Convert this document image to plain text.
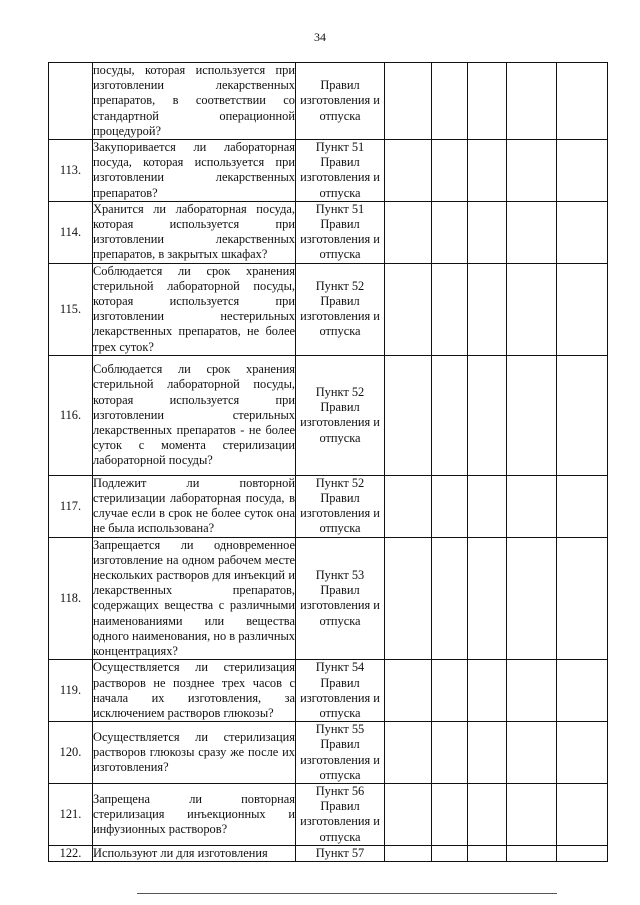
34

	посуды, которая используется при изготовлении лекарственных препаратов, в соответствии со стандартной операционной процедурой?	Правил изготовления и отпуска					
113.	Закупоривается ли лабораторная посуда, которая используется при изготовлении лекарственных препаратов?	Пункт 51 Правил изготовления и отпуска					
114.	Хранится ли лабораторная посуда, которая используется при изготовлении лекарственных препаратов, в закрытых шкафах?	Пункт 51 Правил изготовления и отпуска					
115.	Соблюдается ли срок хранения стерильной лабораторной посуды, которая используется при изготовлении нестерильных лекарственных препаратов, не более трех суток?	Пункт 52 Правил изготовления и отпуска					
116.	Соблюдается ли срок хранения стерильной лабораторной посуды, которая используется при изготовлении стерильных лекарственных препаратов - не более суток с момента стерилизации лабораторной посуды?	Пункт 52 Правил изготовления и отпуска					
117.	Подлежит ли повторной стерилизации лабораторная посуда, в случае если в срок не более суток она не была использована?	Пункт 52 Правил изготовления и отпуска					
118.	Запрещается ли одновременное изготовление на одном рабочем месте нескольких растворов для инъекций и лекарственных препаратов, содержащих вещества с различными наименованиями или вещества одного наименования, но в различных концентрациях?	Пункт 53 Правил изготовления и отпуска					
119.	Осуществляется ли стерилизация растворов не позднее трех часов с начала их изготовления, за исключением растворов глюкозы?	Пункт 54 Правил изготовления и отпуска					
120.	Осуществляется ли стерилизация растворов глюкозы сразу же после их изготовления?	Пункт 55 Правил изготовления и отпуска					
121.	Запрещена ли повторная стерилизация инъекционных и инфузионных растворов?	Пункт 56 Правил изготовления и отпуска					
122.	Используют ли для изготовления	Пункт 57					
